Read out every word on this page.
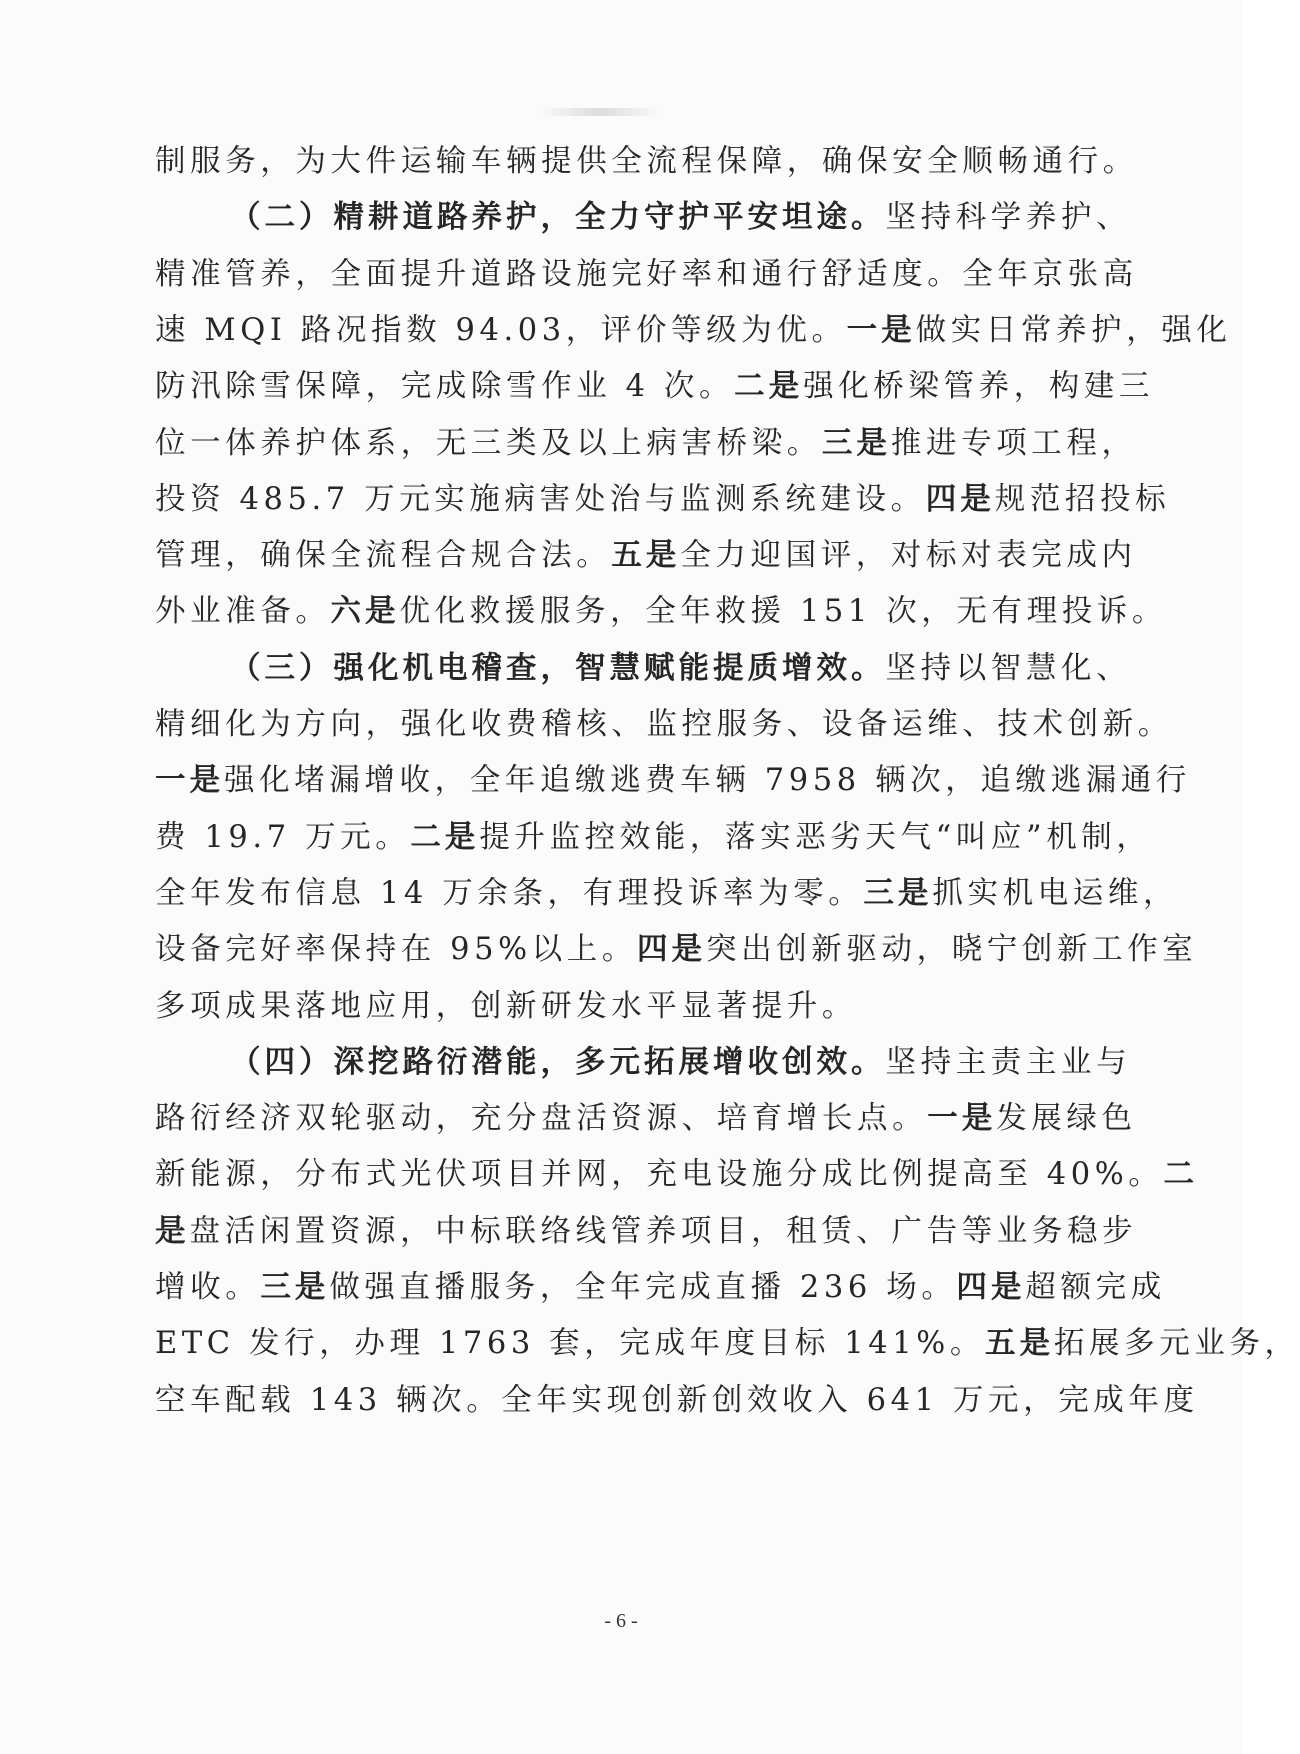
制服务，为大件运输车辆提供全流程保障，确保安全顺畅通行。
（二）精耕道路养护，全力守护平安坦途。坚持科学养护、
精准管养，全面提升道路设施完好率和通行舒适度。全年京张高
速 MQI 路况指数 94.03，评价等级为优。一是做实日常养护，强化
防汛除雪保障，完成除雪作业 4 次。二是强化桥梁管养，构建三
位一体养护体系，无三类及以上病害桥梁。三是推进专项工程，
投资 485.7 万元实施病害处治与监测系统建设。四是规范招投标
管理，确保全流程合规合法。五是全力迎国评，对标对表完成内
外业准备。六是优化救援服务，全年救援 151 次，无有理投诉。
（三）强化机电稽查，智慧赋能提质增效。坚持以智慧化、
精细化为方向，强化收费稽核、监控服务、设备运维、技术创新。
一是强化堵漏增收，全年追缴逃费车辆 7958 辆次，追缴逃漏通行
费 19.7 万元。二是提升监控效能，落实恶劣天气“叫应”机制，
全年发布信息 14 万余条，有理投诉率为零。三是抓实机电运维，
设备完好率保持在 95%以上。四是突出创新驱动，晓宁创新工作室
多项成果落地应用，创新研发水平显著提升。
（四）深挖路衍潜能，多元拓展增收创效。坚持主责主业与
路衍经济双轮驱动，充分盘活资源、培育增长点。一是发展绿色
新能源，分布式光伏项目并网，充电设施分成比例提高至 40%。二
是盘活闲置资源，中标联络线管养项目，租赁、广告等业务稳步
增收。三是做强直播服务，全年完成直播 236 场。四是超额完成
ETC 发行，办理 1763 套，完成年度目标 141%。五是拓展多元业务，
空车配载 143 辆次。全年实现创新创效收入 641 万元，完成年度
- 6 -
